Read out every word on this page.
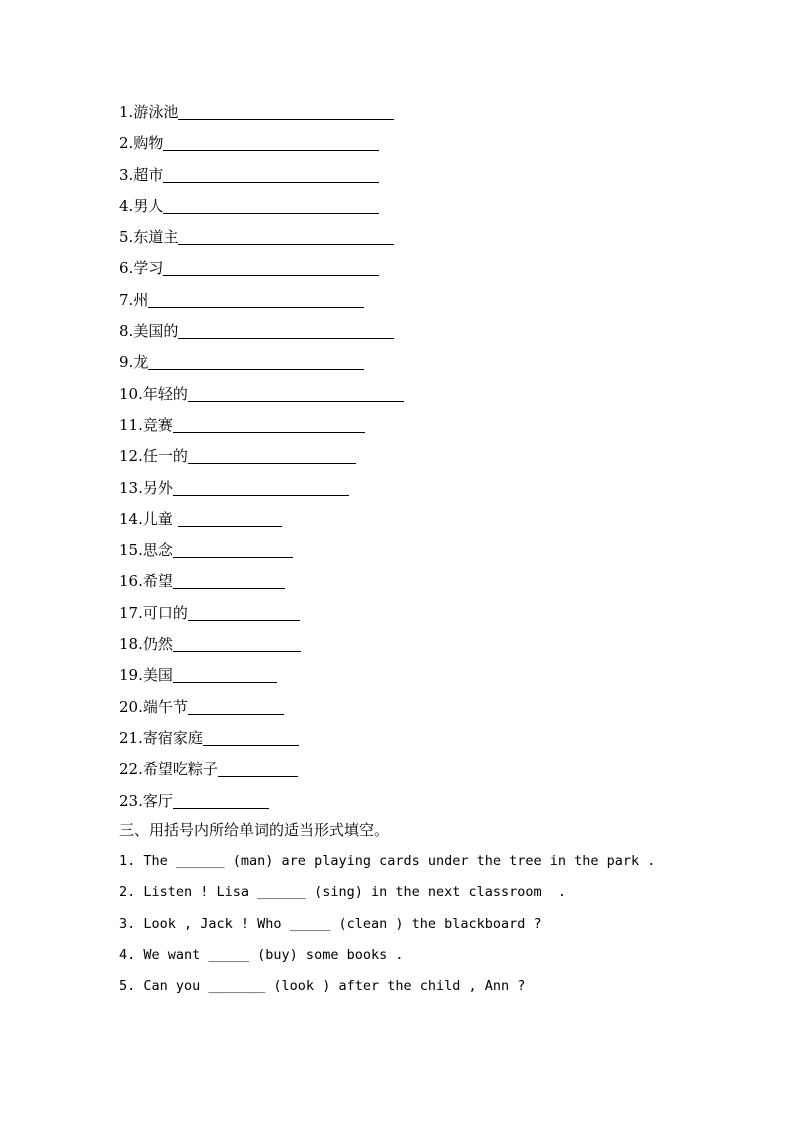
1. 游泳池
2. 购物
3. 超市
4. 男人
5. 东道主
6. 学习
7. 州
8. 美国的
9. 龙
10. 年轻的
11. 竞赛
12. 任一的
13. 另外
14. 儿童
15. 思念
16. 希望
17. 可口的
18. 仍然
19. 美国
20. 端午节
21. 寄宿家庭
22. 希望吃粽子
23. 客厅
三、用括号内所给单词的适当形式填空。
1. The ______ (man) are playing cards under the tree in the park .
2. Listen ! Lisa ______ (sing) in the next classroom  .
3. Look , Jack ! Who _____ (clean ) the blackboard ?
4. We want _____ (buy) some books .
5. Can you _______ (look ) after the child , Ann ?
